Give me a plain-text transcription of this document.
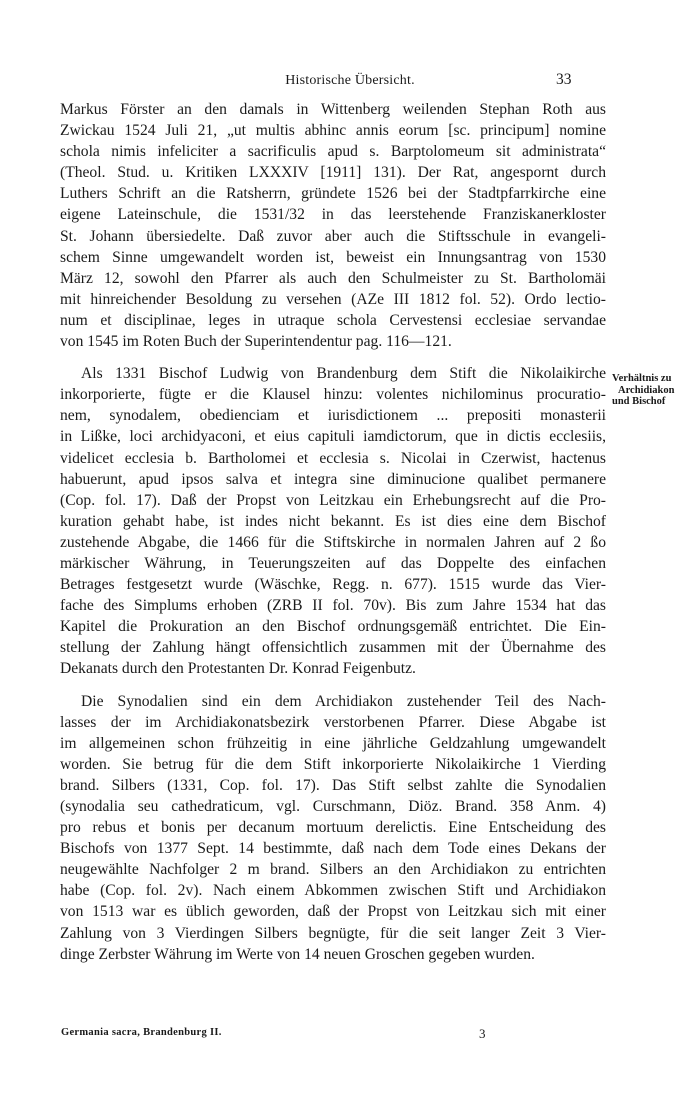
Historische Übersicht.	33
Markus Förster an den damals in Wittenberg weilenden Stephan Roth aus
Zwickau 1524 Juli 21, „ut multis abhinc annis eorum [sc. principum] nomine
schola nimis infeliciter a sacrificulis apud s. Barptolomeum sit administrata“
(Theol. Stud. u. Kritiken LXXXIV [1911] 131). Der Rat, angespornt durch
Luthers Schrift an die Ratsherrn, gründete 1526 bei der Stadtpfarrkirche eine
eigene Lateinschule, die 1531/32 in das leerstehende Franziskanerkloster
St. Johann übersiedelte. Daß zuvor aber auch die Stiftsschule in evangeli-
schem Sinne umgewandelt worden ist, beweist ein Innungsantrag von 1530
März 12, sowohl den Pfarrer als auch den Schulmeister zu St. Bartholomäi
mit hinreichender Besoldung zu versehen (AZe III 1812 fol. 52). Ordo lectio-
num et disciplinae, leges in utraque schola Cervestensi ecclesiae servandae
von 1545 im Roten Buch der Superintendentur pag. 116—121.
Als 1331 Bischof Ludwig von Brandenburg dem Stift die Nikolaikirche
inkorporierte, fügte er die Klausel hinzu: volentes nichilominus procuratio-
nem, synodalem, obedienciam et iurisdictionem ... prepositi monasterii
in Lißke, loci archidyaconi, et eius capituli iamdictorum, que in dictis ecclesiis,
videlicet ecclesia b. Bartholomei et ecclesia s. Nicolai in Czerwist, hactenus
habuerunt, apud ipsos salva et integra sine diminucione qualibet permanere
(Cop. fol. 17). Daß der Propst von Leitzkau ein Erhebungsrecht auf die Pro-
kuration gehabt habe, ist indes nicht bekannt. Es ist dies eine dem Bischof
zustehende Abgabe, die 1466 für die Stiftskirche in normalen Jahren auf 2 ßo
märkischer Währung, in Teuerungszeiten auf das Doppelte des einfachen
Betrages festgesetzt wurde (Wäschke, Regg. n. 677). 1515 wurde das Vier-
fache des Simplums erhoben (ZRB II fol. 70v). Bis zum Jahre 1534 hat das
Kapitel die Prokuration an den Bischof ordnungsgemäß entrichtet. Die Ein-
stellung der Zahlung hängt offensichtlich zusammen mit der Übernahme des
Dekanats durch den Protestanten Dr. Konrad Feigenbutz.
Die Synodalien sind ein dem Archidiakon zustehender Teil des Nach-
lasses der im Archidiakonatsbezirk verstorbenen Pfarrer. Diese Abgabe ist
im allgemeinen schon frühzeitig in eine jährliche Geldzahlung umgewandelt
worden. Sie betrug für die dem Stift inkorporierte Nikolaikirche 1 Vierding
brand. Silbers (1331, Cop. fol. 17). Das Stift selbst zahlte die Synodalien
(synodalia seu cathedraticum, vgl. Curschmann, Diöz. Brand. 358 Anm. 4)
pro rebus et bonis per decanum mortuum derelictis. Eine Entscheidung des
Bischofs von 1377 Sept. 14 bestimmte, daß nach dem Tode eines Dekans der
neugewählte Nachfolger 2 m brand. Silbers an den Archidiakon zu entrichten
habe (Cop. fol. 2v). Nach einem Abkommen zwischen Stift und Archidiakon
von 1513 war es üblich geworden, daß der Propst von Leitzkau sich mit einer
Zahlung von 3 Vierdingen Silbers begnügte, für die seit langer Zeit 3 Vier-
dinge Zerbster Währung im Werte von 14 neuen Groschen gegeben wurden.
Verhältnis zu
Archidiakon
und Bischof
Germania sacra, Brandenburg II.	3
